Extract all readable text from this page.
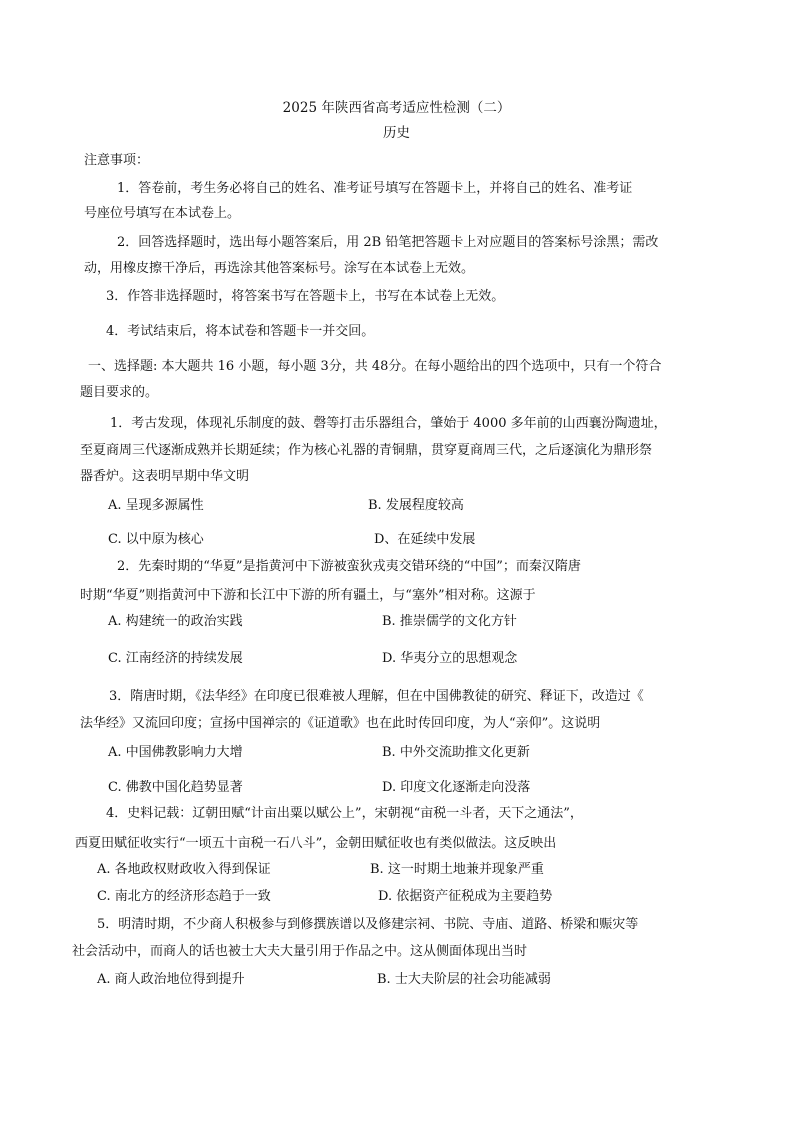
2025 年陕西省高考适应性检测（二）
历史
注意事项：
1．答卷前，考生务必将自己的姓名、准考证号填写在答题卡上，并将自己的姓名、准考证
号座位号填写在本试卷上。
2．回答选择题时，选出每小题答案后，用 2B 铅笔把答题卡上对应题目的答案标号涂黑；需改
动，用橡皮擦干净后，再选涂其他答案标号。涂写在本试卷上无效。
3．作答非选择题时，将答案书写在答题卡上，书写在本试卷上无效。
4．考试结束后，将本试卷和答题卡一并交回。
一、选择题: 本大题共 16 小题，每小题 3分，共 48分。在每小题给出的四个选项中，只有一个符合
题目要求的。
1．考古发现，体现礼乐制度的鼓、磬等打击乐器组合，肇始于 4000 多年前的山西襄汾陶遗址，
至夏商周三代逐渐成熟并长期延续；作为核心礼器的青铜鼎，贯穿夏商周三代，之后逐演化为鼎形祭
器香炉。这表明早期中华文明
A. 呈现多源属性	B. 发展程度较高
C. 以中原为核心	D、在延续中发展
2．先秦时期的“华夏”是指黄河中下游被蛮狄戎夷交错环绕的“中国”；而秦汉隋唐
时期“华夏”则指黄河中下游和长江中下游的所有疆土，与“塞外”相对称。这源于
A. 构建统一的政治实践	B. 推崇儒学的文化方针
C. 江南经济的持续发展	D. 华夷分立的思想观念
3．隋唐时期，《法华经》在印度已很难被人理解，但在中国佛教徒的研究、释证下，改造过《
法华经》又流回印度；宣扬中国禅宗的《证道歌》也在此时传回印度，为人“亲仰”。这说明
A. 中国佛教影响力大增	B. 中外交流助推文化更新
C. 佛教中国化趋势显著	D. 印度文化逐渐走向没落
4．史料记载：辽朝田赋“计亩出粟以赋公上”，宋朝视“亩税一斗者，天下之通法”，
西夏田赋征收实行“一顷五十亩税一石八斗”，金朝田赋征收也有类似做法。这反映出
A. 各地政权财政收入得到保证	B. 这一时期土地兼并现象严重
C. 南北方的经济形态趋于一致	D. 依据资产征税成为主要趋势
5．明清时期，不少商人积极参与到修撰族谱以及修建宗祠、书院、寺庙、道路、桥梁和赈灾等
社会活动中，而商人的话也被士大夫大量引用于作品之中。这从侧面体现出当时
A. 商人政治地位得到提升	B. 士大夫阶层的社会功能减弱
